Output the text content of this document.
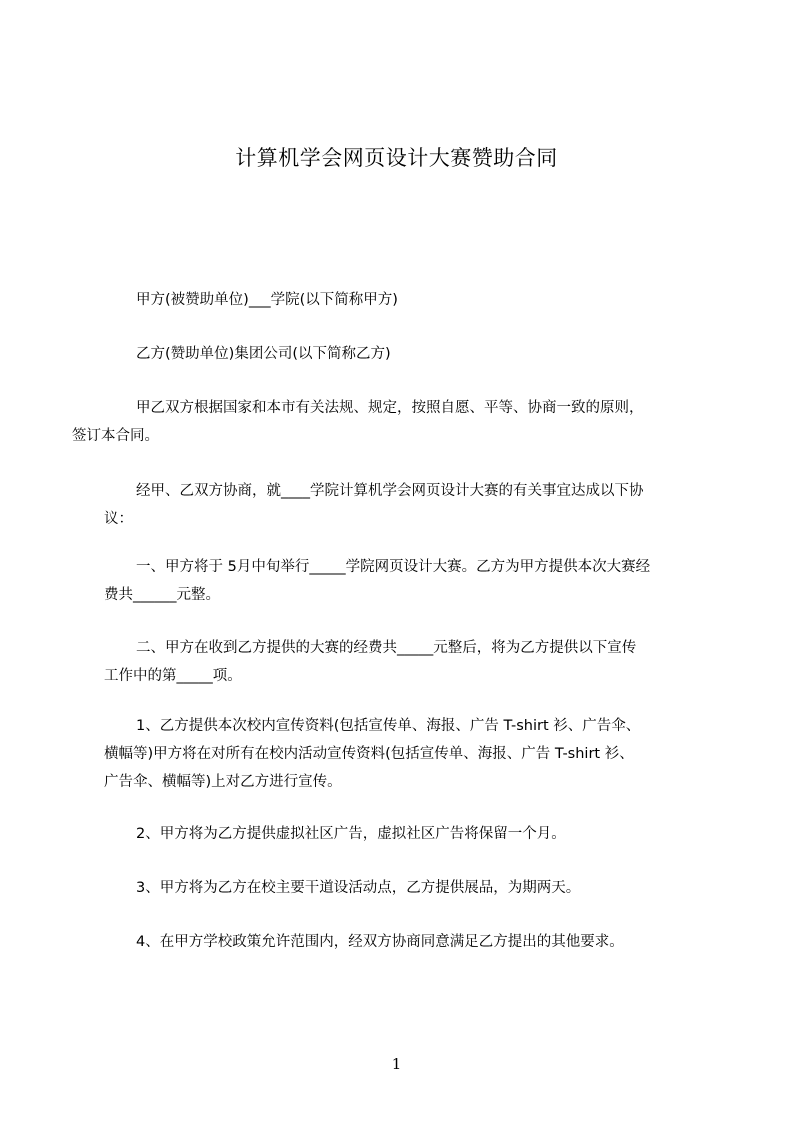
计算机学会网页设计大赛赞助合同
甲方(被赞助单位)___学院(以下简称甲方)
乙方(赞助单位)集团公司(以下简称乙方)
甲乙双方根据国家和本市有关法规、规定，按照自愿、平等、协商一致的原则，
签订本合同。
经甲、乙双方协商，就____学院计算机学会网页设计大赛的有关事宜达成以下协
议：
一、甲方将于 5月中旬举行_____学院网页设计大赛。乙方为甲方提供本次大赛经
费共______元整。
二、甲方在收到乙方提供的大赛的经费共_____元整后，将为乙方提供以下宣传
工作中的第_____项。
1、乙方提供本次校内宣传资料(包括宣传单、海报、广告 T-shirt 衫、广告伞、
横幅等)甲方将在对所有在校内活动宣传资料(包括宣传单、海报、广告 T-shirt 衫、
广告伞、横幅等)上对乙方进行宣传。
2、甲方将为乙方提供虚拟社区广告，虚拟社区广告将保留一个月。
3、甲方将为乙方在校主要干道设活动点，乙方提供展品，为期两天。
4、在甲方学校政策允许范围内，经双方协商同意满足乙方提出的其他要求。
1
